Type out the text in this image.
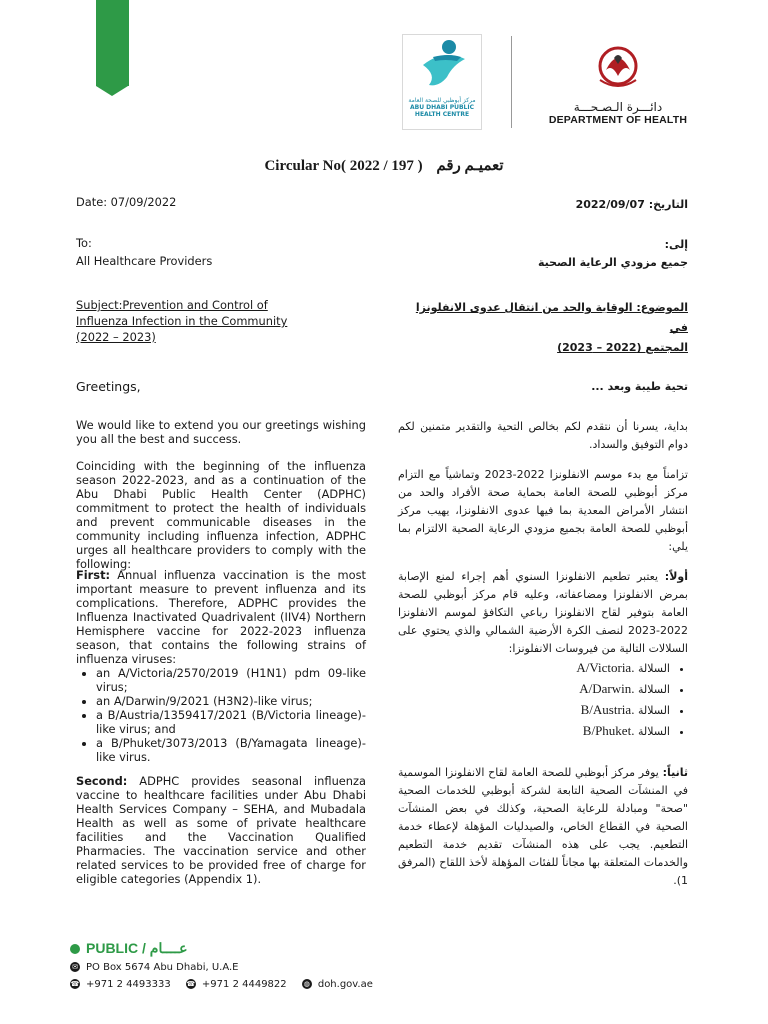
مركز أبوظبي للصحة العامة
ABU DHABI PUBLIC
HEALTH CENTRE
دائـــرة الـصـحـــة
DEPARTMENT OF HEALTH
Circular No( 2022 / 197 ) تعميـم رقم
Date: 07/09/2022	التاريخ: 2022/09/07
To:
All Healthcare Providers
إلى:
جميع مزودي الرعاية الصحية
Subject:Prevention and Control of
Influenza Infection in the Community
(2022 – 2023)
الموضوع: الوقاية والحد من انتقال عدوى الانفلونزا في
المجتمع (2022 – 2023)
Greetings,	تحية طيبة وبعد ...
We would like to extend you our greetings wishing you all the best and success.
بداية، يسرنا أن نتقدم لكم بخالص التحية والتقدير متمنين لكم دوام التوفيق والسداد.
Coinciding with the beginning of the influenza season 2022-2023, and as a continuation of the Abu Dhabi Public Health Center (ADPHC) commitment to protect the health of individuals and prevent communicable diseases in the community including influenza infection, ADPHC urges all healthcare providers to comply with the following:
تزامناً مع بدء موسم الانفلونزا 2022-2023 وتماشياً مع التزام مركز أبوظبي للصحة العامة بحماية صحة الأفراد والحد من انتشار الأمراض المعدية بما فيها عدوى الانفلونزا، يهيب مركز أبوظبي للصحة العامة بجميع مزودي الرعاية الصحية الالتزام بما يلي:
First: Annual influenza vaccination is the most important measure to prevent influenza and its complications. Therefore, ADPHC provides the Influenza Inactivated Quadrivalent (IIV4) Northern Hemisphere vaccine for 2022-2023 influenza season, that contains the following strains of influenza viruses:
• an A/Victoria/2570/2019 (H1N1) pdm 09-like virus;
• an A/Darwin/9/2021 (H3N2)-like virus;
• a B/Austria/1359417/2021 (B/Victoria lineage)-like virus; and
• a B/Phuket/3073/2013 (B/Yamagata lineage)-like virus.
أولاً: يعتبر تطعيم الانفلونزا السنوي أهم إجراء لمنع الإصابة بمرض الانفلونزا ومضاعفاته، وعليه قام مركز أبوظبي للصحة العامة بتوفير لقاح الانفلونزا رباعي التكافؤ لموسم الانفلونزا 2022-2023 لنصف الكرة الأرضية الشمالي والذي يحتوي على السلالات التالية من فيروسات الانفلونزا:
• السلالة A/Victoria.
• السلالة A/Darwin.
• السلالة B/Austria.
• السلالة B/Phuket.
Second: ADPHC provides seasonal influenza vaccine to healthcare facilities under Abu Dhabi Health Services Company – SEHA, and Mubadala Health as well as some of private healthcare facilities and the Vaccination Qualified Pharmacies. The vaccination service and other related services to be provided free of charge for eligible categories (Appendix 1).
ثانياً: يوفر مركز أبوظبي للصحة العامة لقاح الانفلونزا الموسمية في المنشآت الصحية التابعة لشركة أبوظبي للخدمات الصحية "صحة" ومبادلة للرعاية الصحية، وكذلك في بعض المنشآت الصحية في القطاع الخاص، والصيدليات المؤهلة لإعطاء خدمة التطعيم. يجب على هذه المنشآت تقديم خدمة التطعيم والخدمات المتعلقة بها مجاناً للفئات المؤهلة لأخذ اللقاح (المرفق 1).
PUBLIC / عــــام
✉ PO Box 5674 Abu Dhabi, U.A.E
☎ +971 2 4493333 ☎ +971 2 4449822 ◍ doh.gov.ae
